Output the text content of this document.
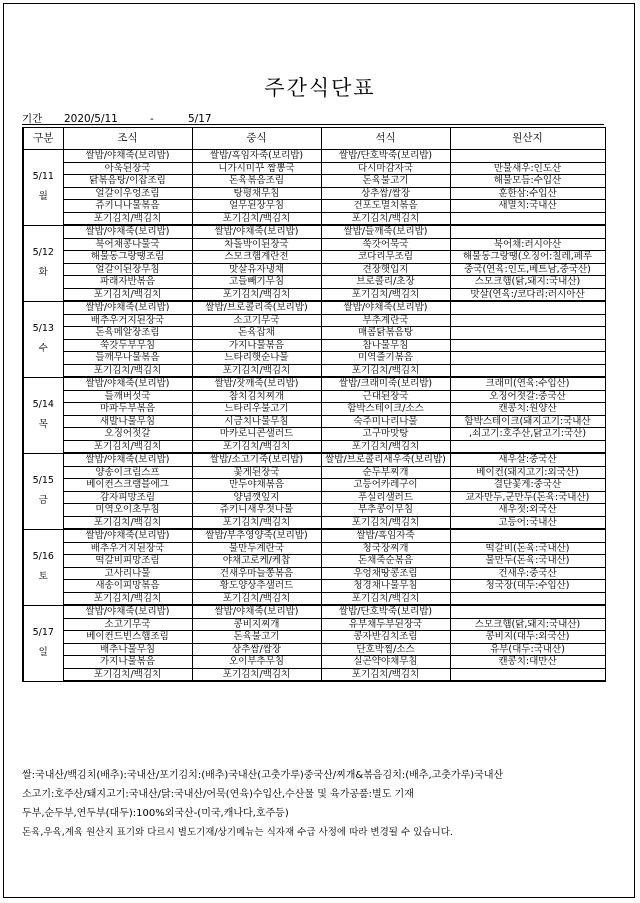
주간식단표
기간 2020/5/11	-	5/17
구분	조식	중식	석식	원산지

5/11
월	쌀밥/야채죽(보리밥)	쌀밥/흑임자죽(보리밥)	쌀밥/단호박죽(보리밥)	
	아욱된장국	니가시미꾸 짬뽕국	다시마감자국	만물새우:인도산
	닭볶음탕/이잡조림	돈육볶음조림	돈육불고기	해물모듬:수입산
	얼갈이우엉조림	탕평채무침	상추쌈/쌈장	훈한삼:수입산
	쥬키니나물볶음	얼무된장무침	건포도멸치볶음	새멸치:국내산
	포기김치/백김치	포기김치/백김치	포기김치/백김치	

5/12
화	쌀밥/야채죽(보리밥)	쌀밥/야채죽(보리밥)	쌀밥/들깨죽(보리밥)	
	북어채콩나물국	차돌박이된장국	쑥갓어묵국	북어채:러시아산
	해물동그랑땡조림	스모크햄계란전	코다리무조림	해물동그랑땡(오징어:칠레,페루
	얼갈이된장무침	맛살유자냉채	견장햇입지	중국(연육:인도,베트남,중국산)
	파래자반볶음	고들빼기무침	브로콜리/초장	스모크햄(닭,돼지:국내산)
	포기김치/백김치	포기김치/백김치	포기김치/백김치	맛살(연육:/코다리:러시아산

5/13
수	쌀밥/야채죽(보리밥)	쌀밥/브로콜리죽(보리밥)	쌀밥/야채죽(보리밥)	
	배추우거지된장국	소고기무국	부추계란국	
	돈육메알장조림	돈육잡채	매콤닭볶음탕	
	쑥갓두부무침	가지나물볶음	참나물무침	
	들깨무나물볶음	느타리햇순나물	미역줄기볶음	
	포기김치/백김치	포기김치/백김치	포기김치/백김치	

5/14
목	쌀밥/야채죽(보리밥)	쌀밥/잣깨죽(보리밥)	쌀밥/크래미죽(보리밥)	크래미(연육:수입산)
	들깨버섯국	참치김치찌개	근대된장국	오징어젓갈:중국산
	마파두부볶음	느타리우불고기	함박스테이크/소스	캔콩치:원양산
	새발나물무침	시금치나물무침	숙주미나리나물	함박스테이크(돼지고기:국내산
	오징어젓갈	마카로니콘샐러드	고구마맛탕	,쇠고기:호주산,닭고기:국산)
	포기김치/백김치	포기김치/백김치	포기김치/백김치	

5/15
금	쌀밥/야채죽(보리밥)	쌀밥/소고기죽(보리밥)	쌀밥/브로콜리새우죽(보리밥)	새우살:중국산
	양송이크림스프	꽃게된장국	순두부찌개	베이컨(돼지고기:외국산)
	베이컨스크램블에그	만두야채볶음	고등어카레구이	결단꽃게:중국산
	감자피망조림	양념깻잎지	푸실리샐러드	교자만두,군만두(돈육:국내산)
	미역오이초무침	쥬키니새우젓나물	부추콩이무침	새우젓:외국산
	포기김치/백김치	포기김치/백김치	포기김치/백김치	고등어:국내산

5/16
토	쌀밥/야채죽(보리밥)	쌀밥/부추영양죽(보리밥)	쌀밥/흑임자죽	
	배추우거지된장국	물만두계란국	청국장찌개	떡갈비(돈육:국내산)
	떡갈비피망조림	야채고로케/케찹	돈채죽순볶음	물만두(돈육:국내산)
	고사리나물	건새우마늘쫑볶음	우엉채땅콩조림	건새우:중국산
	새송이피망볶음	황도양상추샐러드	청경채나물무침	청국장(대두:수입산)
	포기김치/백김치	포기김치/백김치	포기김치/백김치	

5/17
일	쌀밥/야채죽(보리밥)	쌀밥/야채죽(보리밥)	쌀밥/단호박죽(보리밥)	
	소고기무국	콩비지찌개	유부채두부된장국	스모크햄(닭,돼지:국내산)
	베이컨드빈스햄조림	돈육불고기	콩자반김치조림	콩비지(대두:외국산)
	배추나물무침	상추쌈/쌈장	단호박찜/소스	유부(대두:국내산)
	가지나물볶음	오이부추무침	실곤약야채무침	캔콩치:대만산
	포기김치/백김치	포기김치/백김치	포기김치/백김치	

쌀:국내산/백김치(배추):국내산/포기김치:(배추)국내산(고춧가루)중국산/찌개&볶음김치:(배추,고춧가루)국내산

소고기:호주산/돼지고기:국내산/닭:국내산/어묵(연육)수입산,수산물 및 육가공품:별도 기재

두부,순두부,연두부(대두):100%외국산-(미국,캐나다,호주등)

돈육,우육,계육 원산지 표기와 다르시 별도기재/상기메뉴는 식자재 수급 사정에 따라 변경될 수 있습니다.
